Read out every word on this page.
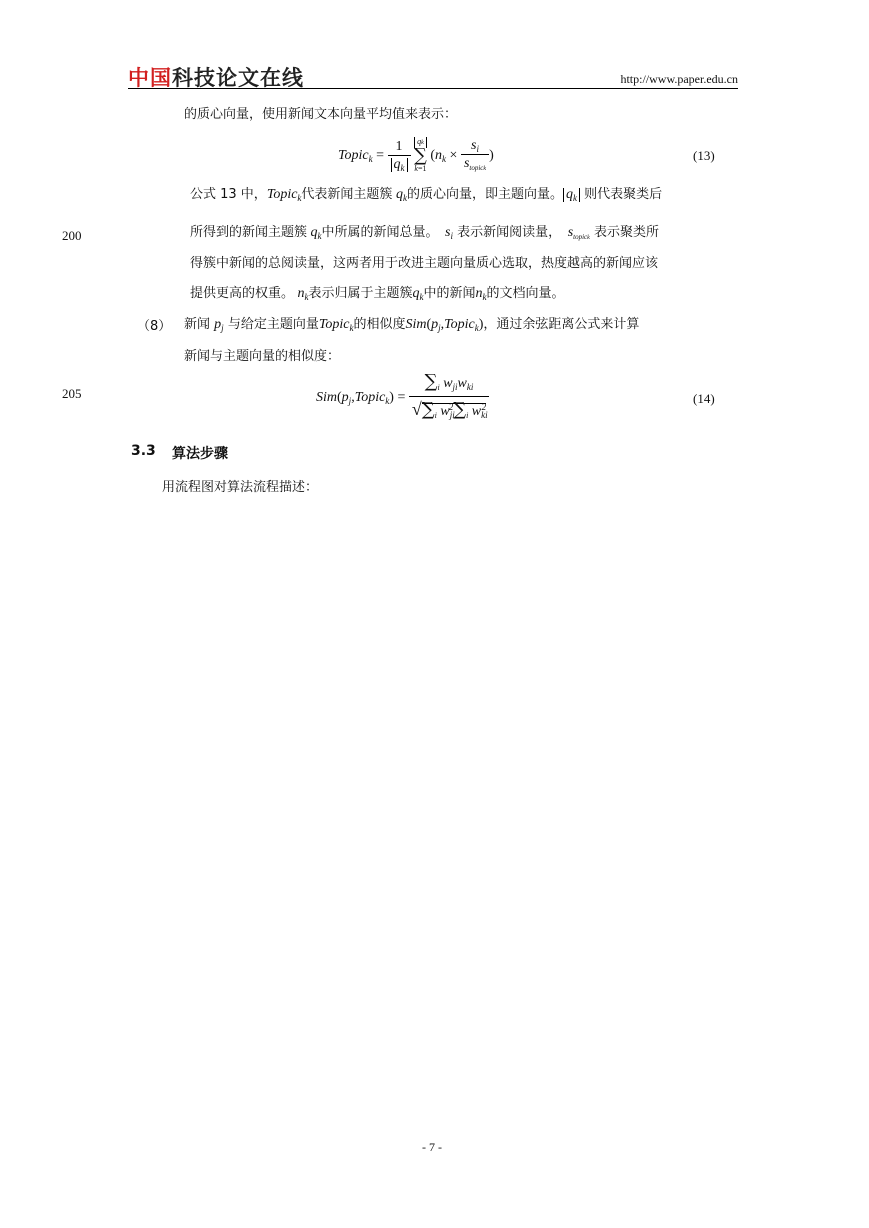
中国科技论文在线	http://www.paper.edu.cn
的质心向量，使用新闻文本向量平均值来表示：
Topic$_k$ = $\frac{1}{q_k}$
qk
∑
k=1
($n_k \times \frac{s_i}{s_{topick}}$ )	(13)
公式 13 中，Topic$_k$代表新闻主题簇 $q_k$的质心向量，即主题向量。 $q_k$ 则代表聚类后
200	所得到的新闻主题簇 $q_k$中所属的新闻总量。　 $s_i$ 表示新闻阅读量，　 $s_{topick}$ 表示聚类所
得簇中新闻的总阅读量，这两者用于改进主题向量质心选取，热度越高的新闻应该
提供更高的权重。 $n_k$表示归属于主题簇$q_k$中的新闻$n_k$的文档向量。
（8） 新闻 $p_j$ 与给定主题向量Topic$_k$的相似度$Sim(p_j,Topic_k)$，通过余弦距离公式来计算
新闻与主题向量的相似度：
205	$Sim(p_j,Topic_k) = \frac{\sum_i w_{ji}w_{ki}}{√\sum_i w_{ji}^2\sum_i w_{ki}^2}$	(14)
3.3 算法步骤
用流程图对算法流程描述：
- 7 -
